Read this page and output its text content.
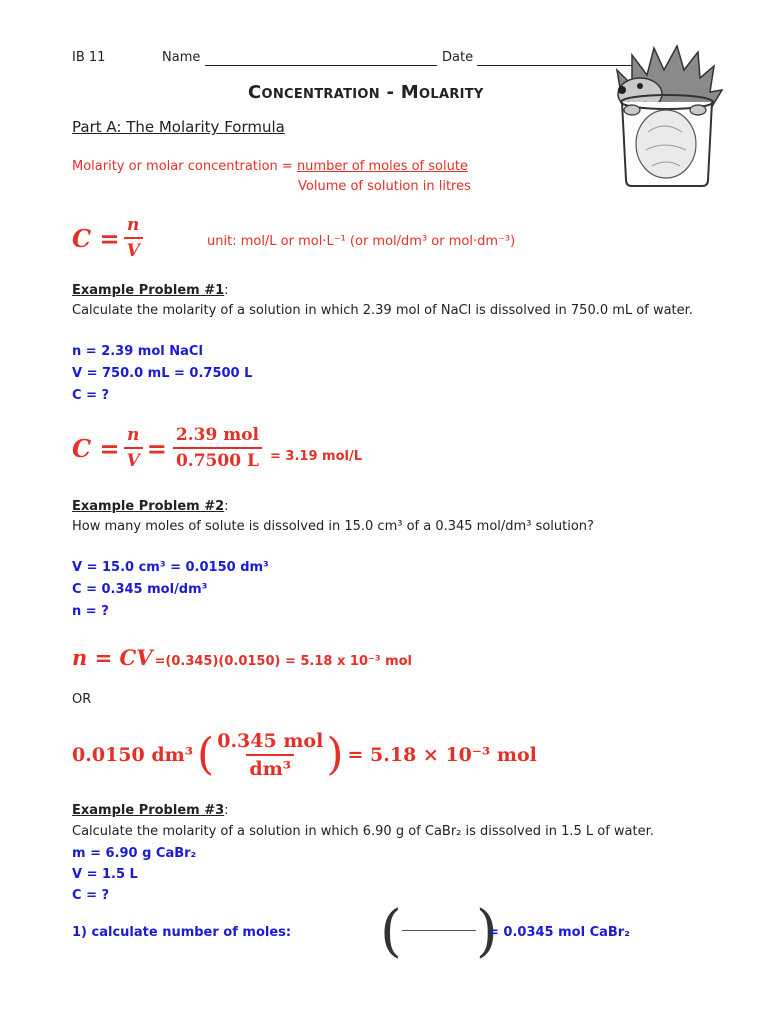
IB 11	Name	Date
Concentration - Molarity
Part A: The Molarity Formula
Molarity or molar concentration = number of moles of solute
Volume of solution in litres
$C = \frac{n}{V}$	unit: mol/L or mol·L⁻¹ (or mol/dm³ or mol·dm⁻³)
Example Problem #1:
Calculate the molarity of a solution in which 2.39 mol of NaCl is dissolved in 750.0 mL of water.
n = 2.39 mol NaCl
V = 750.0 mL = 0.7500 L
C = ?
$C = \frac{n}{V} = \frac{\text{2.39 mol}}{0.7500 L} = 3.19$ mol/L
Example Problem #2:
How many moles of solute is dissolved in 15.0 cm³ of a 0.345 mol/dm³ solution?
V = 15.0 cm³ = 0.0150 dm³
C = 0.345 mol/dm³
n = ?
n = CV =(0.345)(0.0150) = 5.18 x 10⁻³ mol
OR
0.0150 dm³ ( $\frac{\text{0.345 mol}}{\text{dm³}}$ ) = 5.18 × 10⁻³ mol
Example Problem #3:
Calculate the molarity of a solution in which 6.90 g of CaBr₂ is dissolved in 1.5 L of water.
m = 6.90 g CaBr₂
V = 1.5 L
C = ?
1) calculate number of moles: ( )
= 0.0345 mol CaBr₂
